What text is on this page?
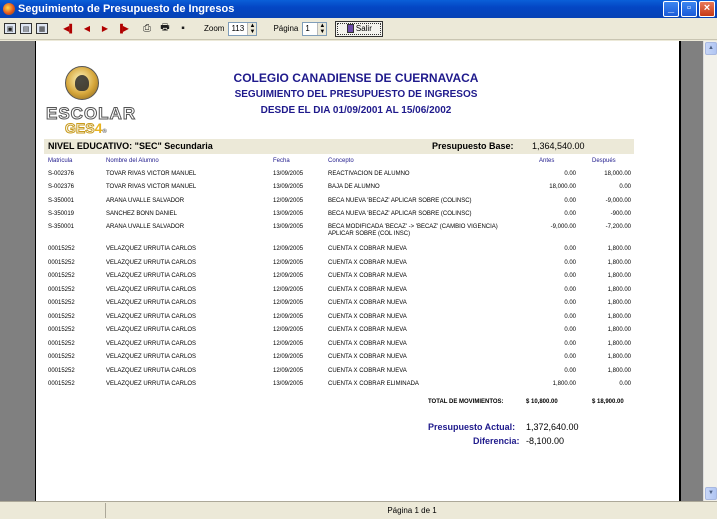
Seguimiento de Presupuesto de Ingresos	_	▫	×
▣	▤	▦	◀▌	◀	▶	▐▶	⎙ 🖶	▪	Zoom 113 ▲
▼ Página 1	▲
▼	Salir
ESCOLAR
GES4®
COLEGIO CANADIENSE DE CUERNAVACA
SEGUIMIENTO DEL PRESUPUESTO DE INGRESOS
DESDE EL DIA 01/09/2001 AL 15/06/2002
NIVEL EDUCATIVO: "SEC" Secundaria	Presupuesto Base: 1,364,540.00
Matricula	Nombre del Alumno	Fecha	Concepto	Antes	Después
S-002376	TOVAR RIVAS VICTOR MANUEL	13/09/2005	REACTIVACION DE ALUMNO	0.00	18,000.00
S-002376	TOVAR RIVAS VICTOR MANUEL	13/09/2005	BAJA DE ALUMNO	18,000.00	0.00
S-350001	ARANA UVALLE SALVADOR	12/09/2005	BECA NUEVA 'BECAZ' APLICAR SOBRE (COLINSC)	0.00	-9,000.00
S-350019	SANCHEZ BONN DANIEL	13/09/2005	BECA NUEVA 'BECAZ' APLICAR SOBRE (COLINSC)	0.00	-900.00
S-350001	ARANA UVALLE SALVADOR	13/09/2005	BECA MODIFICADA 'BECAZ' -> 'BECAZ' (CAMBIO VIGENCIA)	-9,000.00	-7,200.00
APLICAR SOBRE (COL INSC)
00015252	VELAZQUEZ URRUTIA CARLOS	12/09/2005	CUENTA X COBRAR NUEVA	0.00	1,800.00
00015252	VELAZQUEZ URRUTIA CARLOS	12/09/2005	CUENTA X COBRAR NUEVA	0.00	1,800.00
00015252	VELAZQUEZ URRUTIA CARLOS	12/09/2005	CUENTA X COBRAR NUEVA	0.00	1,800.00
00015252	VELAZQUEZ URRUTIA CARLOS	12/09/2005	CUENTA X COBRAR NUEVA	0.00	1,800.00
00015252	VELAZQUEZ URRUTIA CARLOS	12/09/2005	CUENTA X COBRAR NUEVA	0.00	1,800.00
00015252	VELAZQUEZ URRUTIA CARLOS	12/09/2005	CUENTA X COBRAR NUEVA	0.00	1,800.00
00015252	VELAZQUEZ URRUTIA CARLOS	12/09/2005	CUENTA X COBRAR NUEVA	0.00	1,800.00
00015252	VELAZQUEZ URRUTIA CARLOS	12/09/2005	CUENTA X COBRAR NUEVA	0.00	1,800.00
00015252	VELAZQUEZ URRUTIA CARLOS	12/09/2005	CUENTA X COBRAR NUEVA	0.00	1,800.00
00015252	VELAZQUEZ URRUTIA CARLOS	12/09/2005	CUENTA X COBRAR NUEVA	0.00	1,800.00
00015252	VELAZQUEZ URRUTIA CARLOS	13/09/2005	CUENTA X COBRAR ELIMINADA	1,800.00	0.00
TOTAL DE MOVIMIENTOS:	$ 10,800.00	$ 18,900.00
Presupuesto Actual: 1,372,640.00
Diferencia: -8,100.00
▲
▼
Página 1 de 1
